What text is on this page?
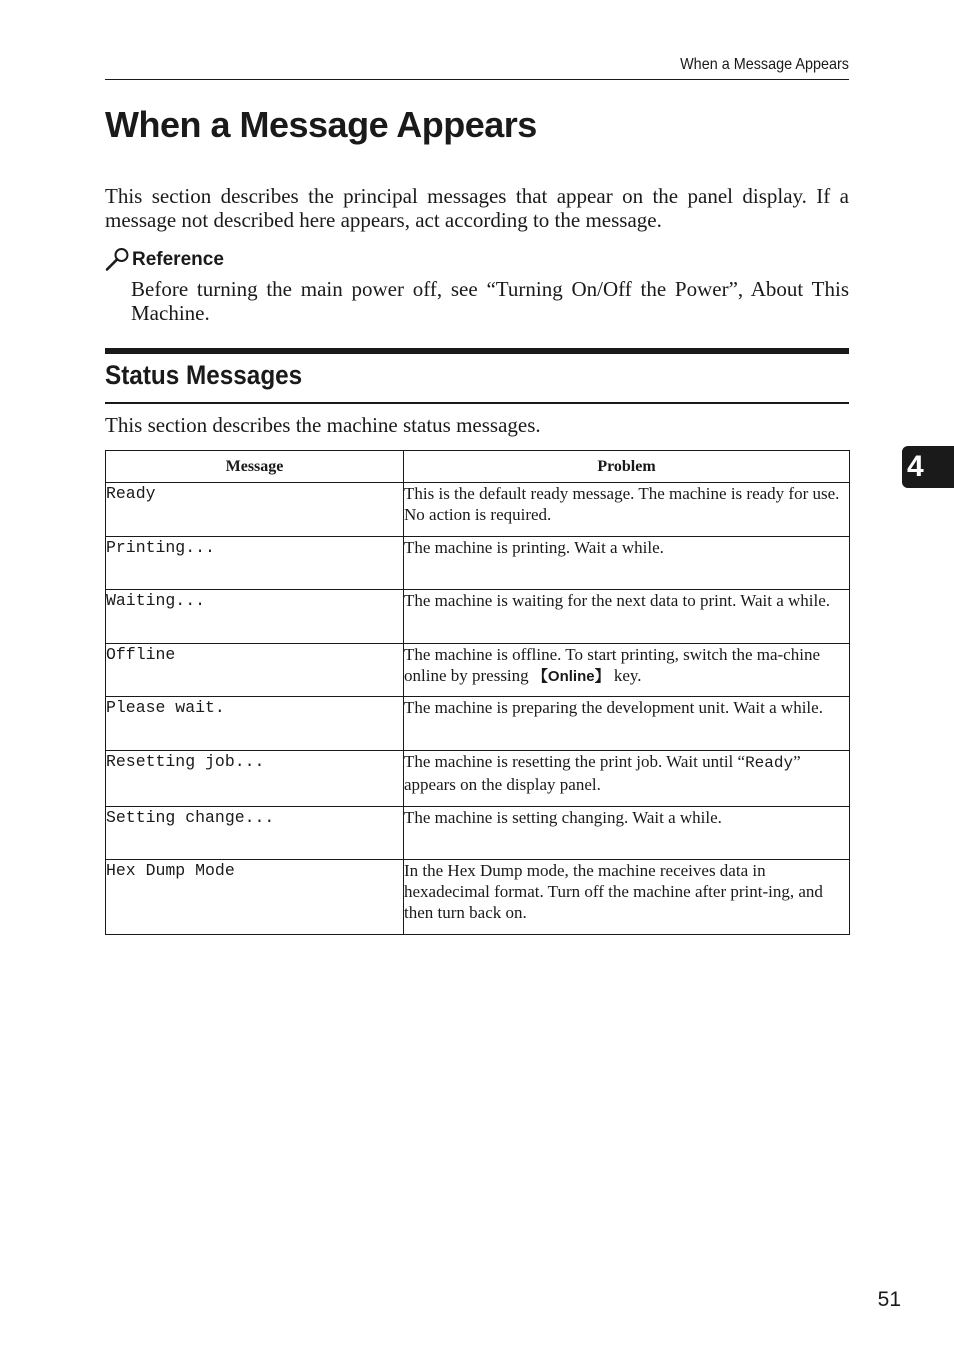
When a Message Appears
When a Message Appears

This section describes the principal messages that appear on the panel display. If a message not described here appears, act according to the message.

Reference

Before turning the main power off, see “Turning On/Off the Power”, About This Machine.

Status Messages

This section describes the machine status messages.

Message	Problem
Ready	This is the default ready message. The machine is ready for use. No action is required.
Printing...	The machine is printing. Wait a while.
Waiting...	The machine is waiting for the next data to print. Wait a while.
Offline	The machine is offline. To start printing, switch the ma-chine online by pressing 【Online】 key.
Please wait.	The machine is preparing the development unit. Wait a while.
Resetting job...	The machine is resetting the print job. Wait until “Ready” appears on the display panel.
Setting change...	The machine is setting changing. Wait a while.
Hex Dump Mode	In the Hex Dump mode, the machine receives data in hexadecimal format. Turn off the machine after print-ing, and then turn back on.
4
51
